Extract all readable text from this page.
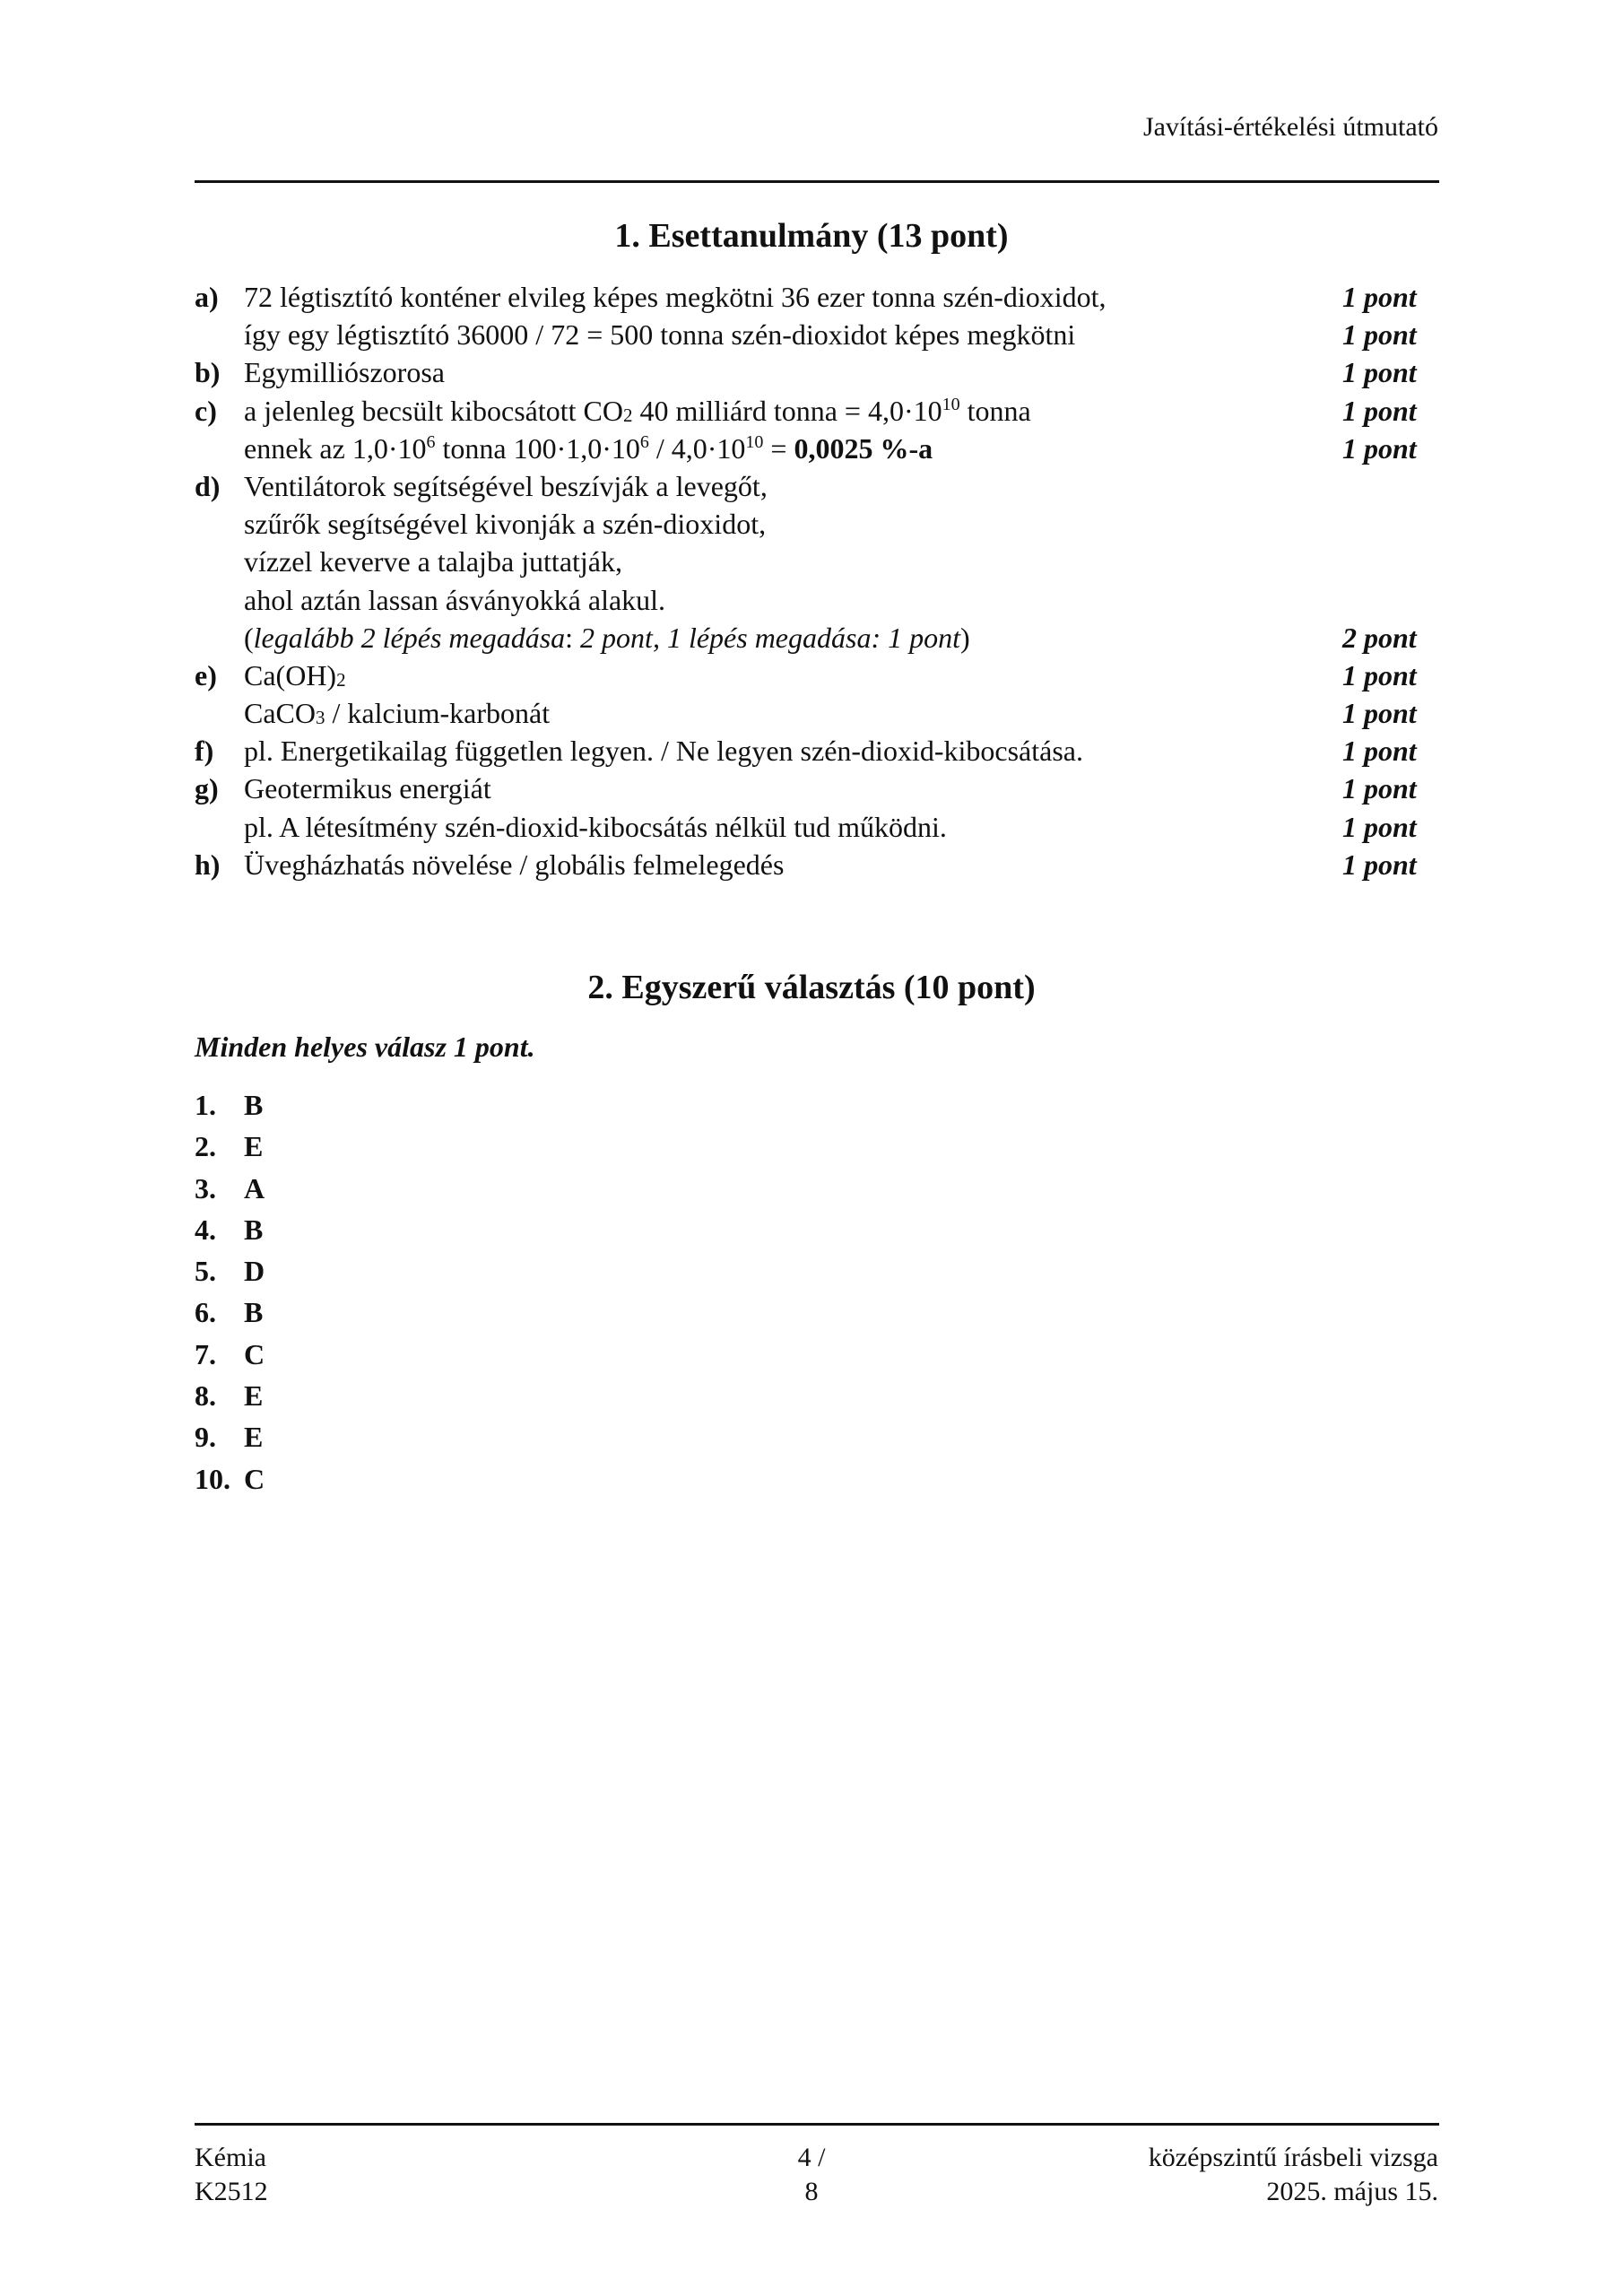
Javítási-értékelési útmutató
1. Esettanulmány (13 pont)
a) 72 légtisztító konténer elvileg képes megkötni 36 ezer tonna szén-dioxidot,	1 pont
így egy légtisztító 36000 / 72 = 500 tonna szén-dioxidot képes megkötni	1 pont
b) Egymilliószorosa	1 pont
c) a jelenleg becsült kibocsátott $CO_2$ 40 milliárd tonna = $4,0\cdot 10^{10}$ tonna	1 pont
ennek az $1,0\cdot 10^6$ tonna $100\cdot 1,0\cdot 10^6 / 4,0\cdot 10^{10} = 0,0025$ %-a	1 pont
d) Ventilátorok segítségével beszívják a levegőt,
szűrők segítségével kivonják a szén-dioxidot,
vízzel keverve a talajba juttatják,
ahol aztán lassan ásványokká alakul.
(legalább 2 lépés megadása: 2 pont, 1 lépés megadása: 1 pont)	2 pont
e) $Ca(OH)_2$	1 pont
CaCO$_3$ / kalcium-karbonát	1 pont
f) pl. Energetikailag független legyen. / Ne legyen szén-dioxid-kibocsátása.	1 pont
g) Geotermikus energiát	1 pont
pl. A létesítmény szén-dioxid-kibocsátás nélkül tud működni.	1 pont
h) Üvegházhatás növelése / globális felmelegedés	1 pont
2. Egyszerű választás (10 pont)
Minden helyes válasz 1 pont.
1. B
2. E
3. A
4. B
5. D
6. B
7. C
8. E
9. E
10. C
Kémia
K2512
4 / 8
középszintű írásbeli vizsga
2025. május 15.
